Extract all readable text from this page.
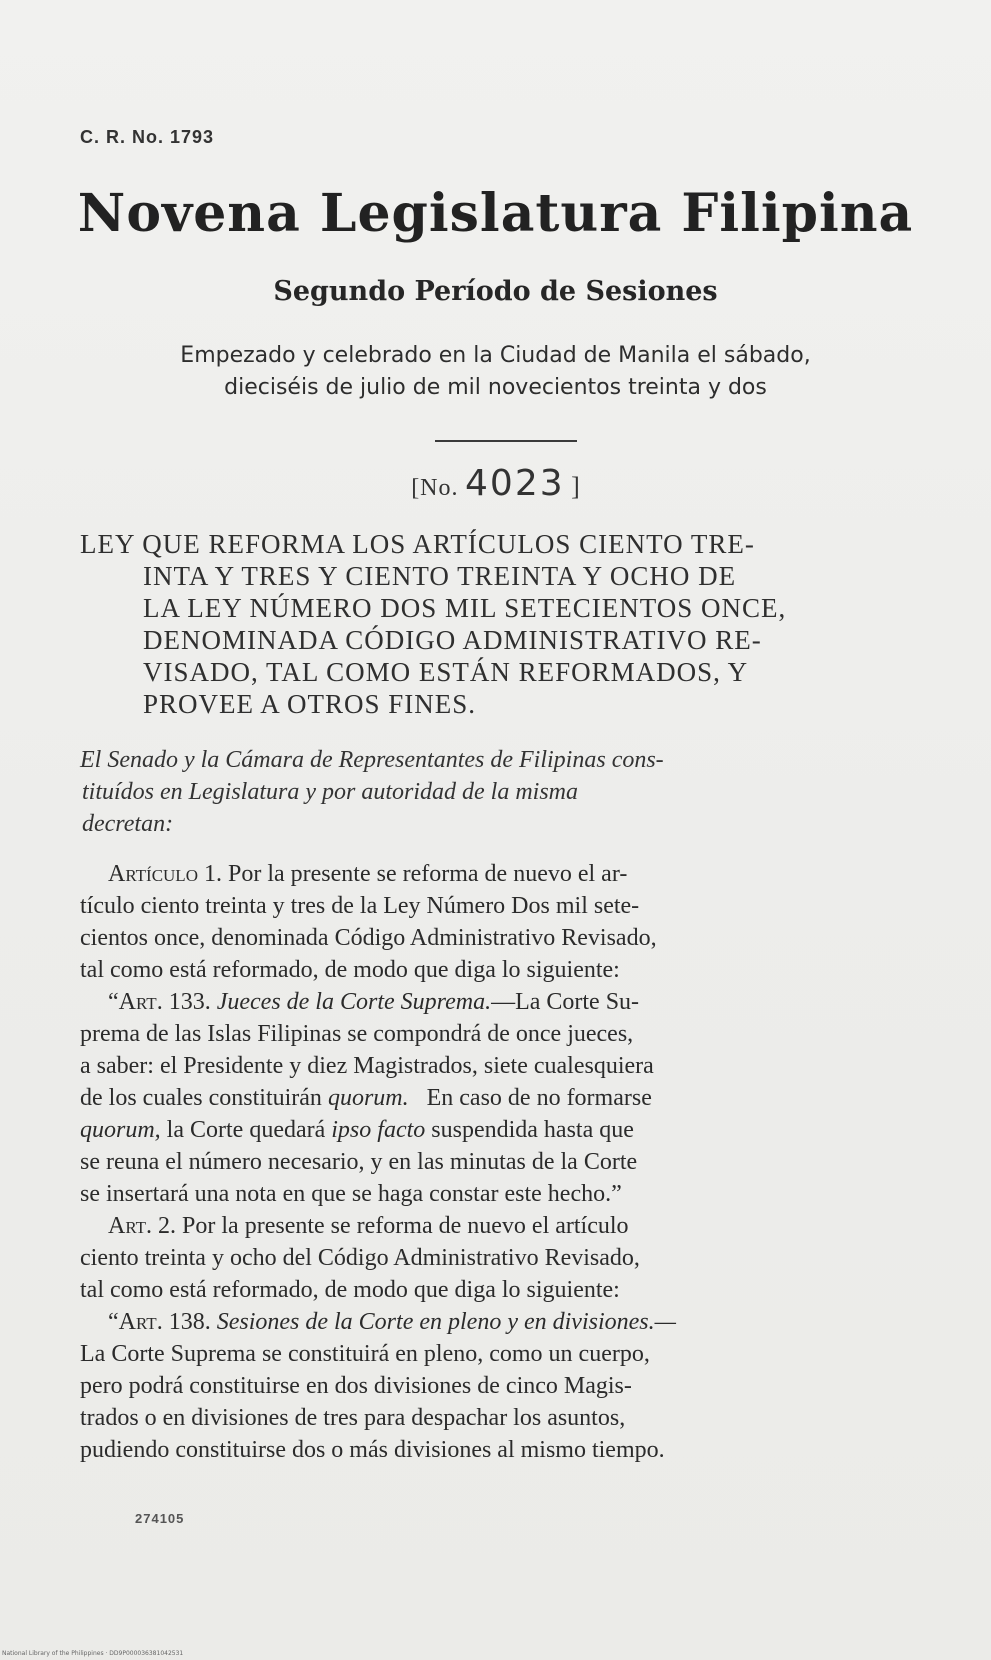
C. R. No. 1793

Novena Legislatura Filipina

Segundo Período de Sesiones

Empezado y celebrado en la Ciudad de Manila el sábado,
dieciséis de julio de mil novecientos treinta y dos

[No. 4023 ]

LEY QUE REFORMA LOS ARTÍCULOS CIENTO TRE-
INTA Y TRES Y CIENTO TREINTA Y OCHO DE
LA LEY NÚMERO DOS MIL SETECIENTOS ONCE,
DENOMINADA CÓDIGO ADMINISTRATIVO RE-
VISADO, TAL COMO ESTÁN REFORMADOS, Y
PROVEE A OTROS FINES.
El Senado y la Cámara de Representantes de Filipinas cons-
tituídos en Legislatura y por autoridad de la misma
decretan:
Artículo 1. Por la presente se reforma de nuevo el ar-
tículo ciento treinta y tres de la Ley Número Dos mil sete-
cientos once, denominada Código Administrativo Revisado,
tal como está reformado, de modo que diga lo siguiente:
“Art. 133. Jueces de la Corte Suprema.—La Corte Su-
prema de las Islas Filipinas se compondrá de once jueces,
a saber: el Presidente y diez Magistrados, siete cualesquiera
de los cuales constituirán quorum.   En caso de no formarse
quorum, la Corte quedará ipso facto suspendida hasta que
se reuna el número necesario, y en las minutas de la Corte
se insertará una nota en que se haga constar este hecho.”
Art. 2. Por la presente se reforma de nuevo el artículo
ciento treinta y ocho del Código Administrativo Revisado,
tal como está reformado, de modo que diga lo siguiente:
“Art. 138. Sesiones de la Corte en pleno y en divisiones.—
La Corte Suprema se constituirá en pleno, como un cuerpo,
pero podrá constituirse en dos divisiones de cinco Magis-
trados o en divisiones de tres para despachar los asuntos,
pudiendo constituirse dos o más divisiones al mismo tiempo.

274105

National Library of the Philippines · DD9P000036381042531
